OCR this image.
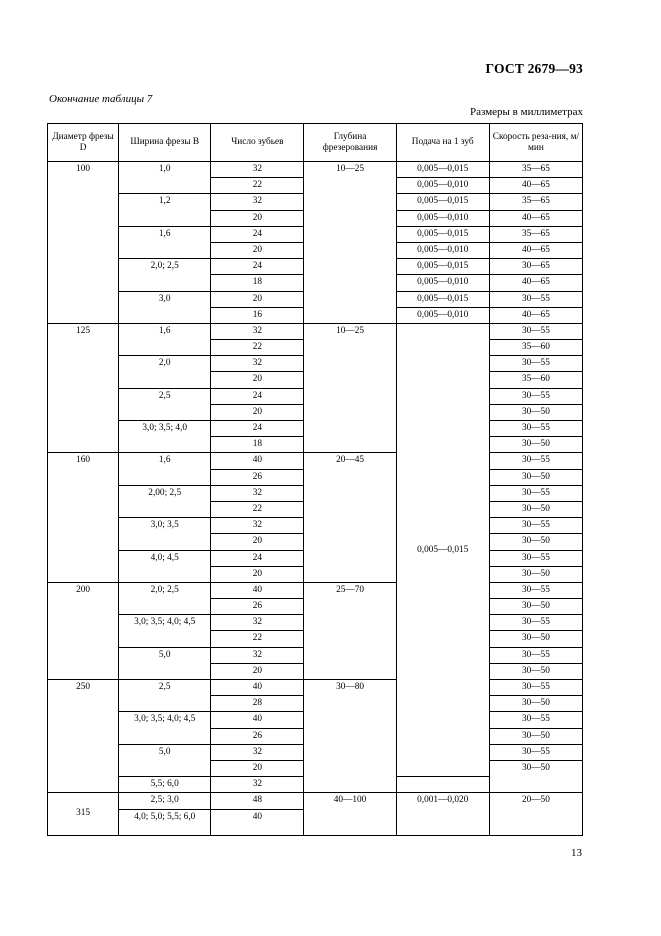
ГОСТ 2679—93
Окончание таблицы 7
Размеры в миллиметрах
Диаметр фрезы D	Ширина фрезы B	Число зубьев	Глубина фрезерования	Подача на 1 зуб	Скорость реза-ния, м/мин
100	1,0	32	10—25	0,005—0,015	35—65
		22		0,005—0,010	40—65
	1,2	32		0,005—0,015	35—65
		20		0,005—0,010	40—65
	1,6	24		0,005—0,015	35—65
		20		0,005—0,010	40—65
	2,0; 2,5	24		0,005—0,015	30—65
		18		0,005—0,010	40—65
	3,0	20		0,005—0,015	30—55
		16		0,005—0,010	40—65
125	1,6	32	10—25	0,005—0,015	30—55
		22			35—60
	2,0	32			30—55
		20			35—60
	2,5	24			30—55
		20			30—50
	3,0; 3,5; 4,0	24			30—55
		18			30—50
160	1,6	40	20—45		30—55
		26			30—50
	2,00; 2,5	32			30—55
		22			30—50
	3,0; 3,5	32			30—55
		20			30—50
	4,0; 4,5	24			30—55
		20			30—50
200	2,0; 2,5	40	25—70		30—55
		26			30—50
	3,0; 3,5; 4,0; 4,5	32			30—55
		22			30—50
	5,0	32			30—55
		20			30—50
250	2,5	40	30—80		30—55
		28			30—50
	3,0; 3,5; 4,0; 4,5	40			30—55
		26			30—50
	5,0	32			30—55
		20			30—50
	5,5; 6,0	32			
315	2,5; 3,0	48	40—100	0,001—0,020	20—50
	4,0; 5,0; 5,5; 6,0	40			
13
